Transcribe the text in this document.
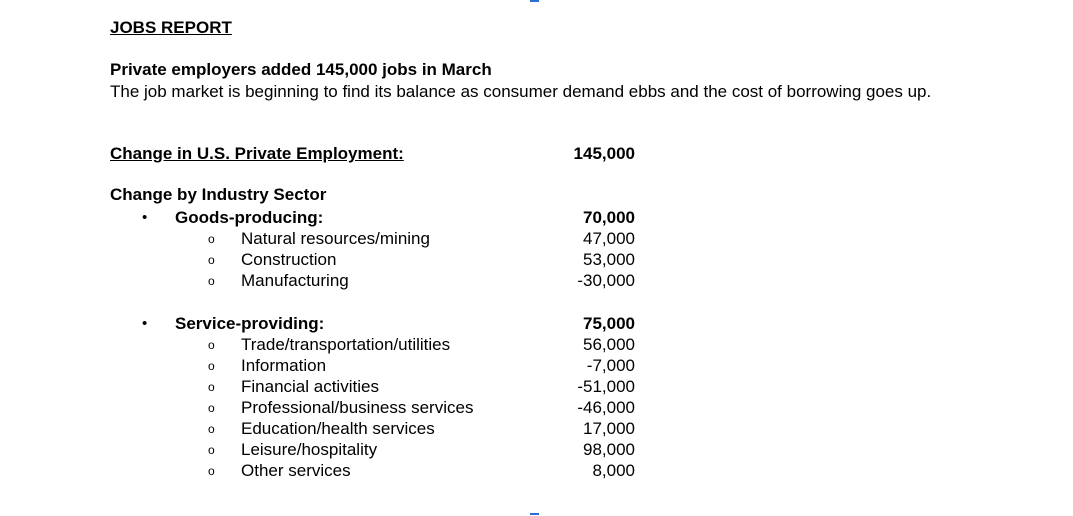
JOBS REPORT
Private employers added 145,000 jobs in March
The job market is beginning to find its balance as consumer demand ebbs and the cost of borrowing goes up.
Change in U.S. Private Employment:	145,000
Change by Industry Sector
• Goods-producing:	70,000
o Natural resources/mining	47,000
o Construction	53,000
o Manufacturing	-30,000
• Service-providing:	75,000
o Trade/transportation/utilities	56,000
o Information	-7,000
o Financial activities	-51,000
o Professional/business services	-46,000
o Education/health services	17,000
o Leisure/hospitality	98,000
o Other services	8,000
